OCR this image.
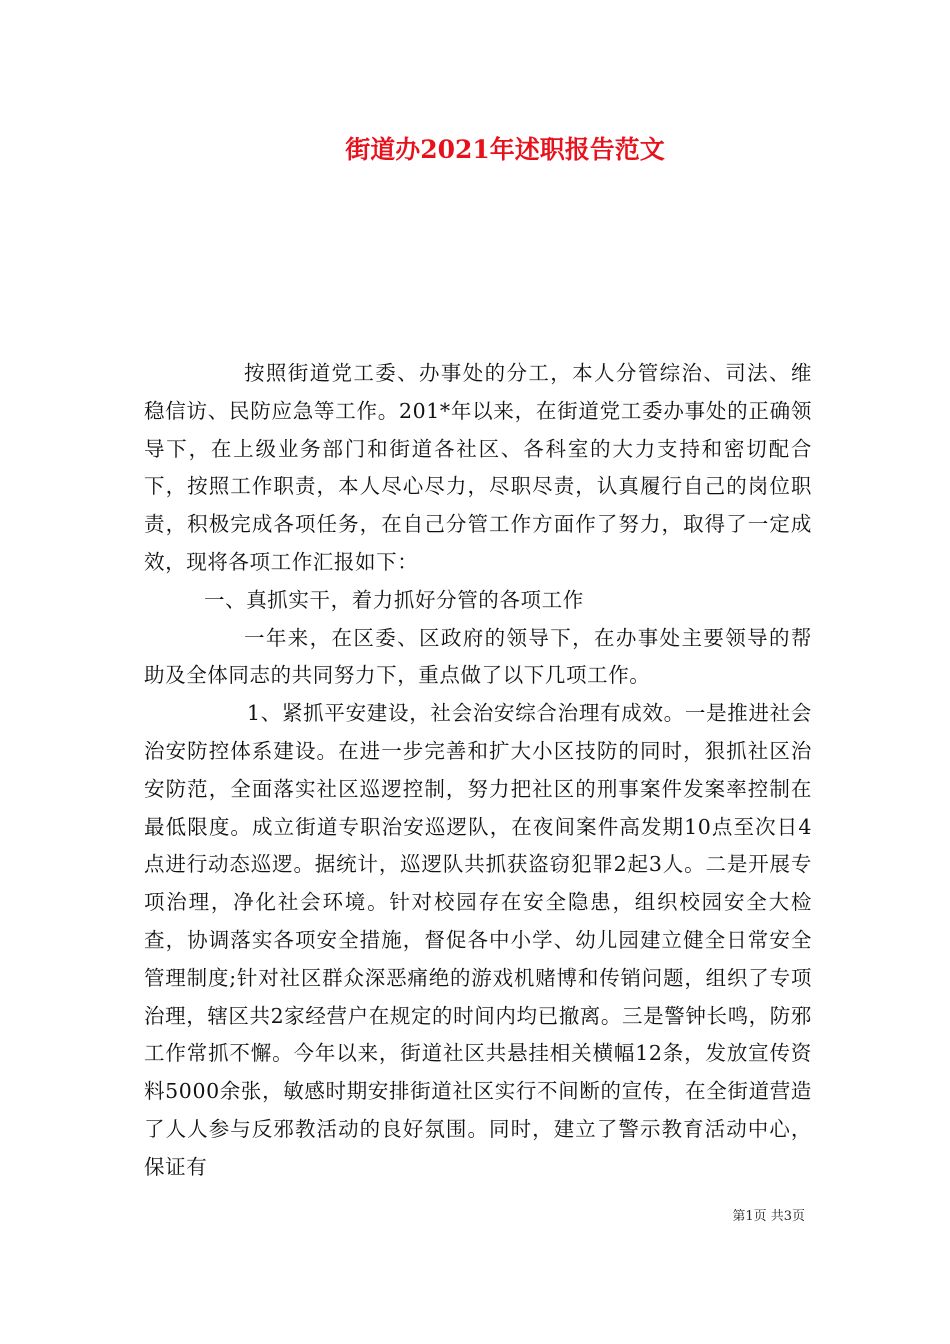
街道办2021年述职报告范文

按照街道党工委、办事处的分工，本人分管综治、司法、维稳信访、民防应急等工作。201*年以来，在街道党工委办事处的正确领导下，在上级业务部门和街道各社区、各科室的大力支持和密切配合下，按照工作职责，本人尽心尽力，尽职尽责，认真履行自己的岗位职责，积极完成各项任务，在自己分管工作方面作了努力，取得了一定成效，现将各项工作汇报如下：

一、真抓实干，着力抓好分管的各项工作

一年来，在区委、区政府的领导下，在办事处主要领导的帮助及全体同志的共同努力下，重点做了以下几项工作。

1、紧抓平安建设，社会治安综合治理有成效。一是推进社会治安防控体系建设。在进一步完善和扩大小区技防的同时，狠抓社区治安防范，全面落实社区巡逻控制，努力把社区的刑事案件发案率控制在最低限度。成立街道专职治安巡逻队，在夜间案件高发期10点至次日4点进行动态巡逻。据统计，巡逻队共抓获盗窃犯罪2起3人。二是开展专项治理，净化社会环境。针对校园存在安全隐患，组织校园安全大检查，协调落实各项安全措施，督促各中小学、幼儿园建立健全日常安全管理制度;针对社区群众深恶痛绝的游戏机赌博和传销问题，组织了专项治理，辖区共2家经营户在规定的时间内均已撤离。三是警钟长鸣，防邪工作常抓不懈。今年以来，街道社区共悬挂相关横幅12条，发放宣传资料5000余张，敏感时期安排街道社区实行不间断的宣传，在全街道营造了人人参与反邪教活动的良好氛围。同时，建立了警示教育活动中心，保证有

第1页 共3页
